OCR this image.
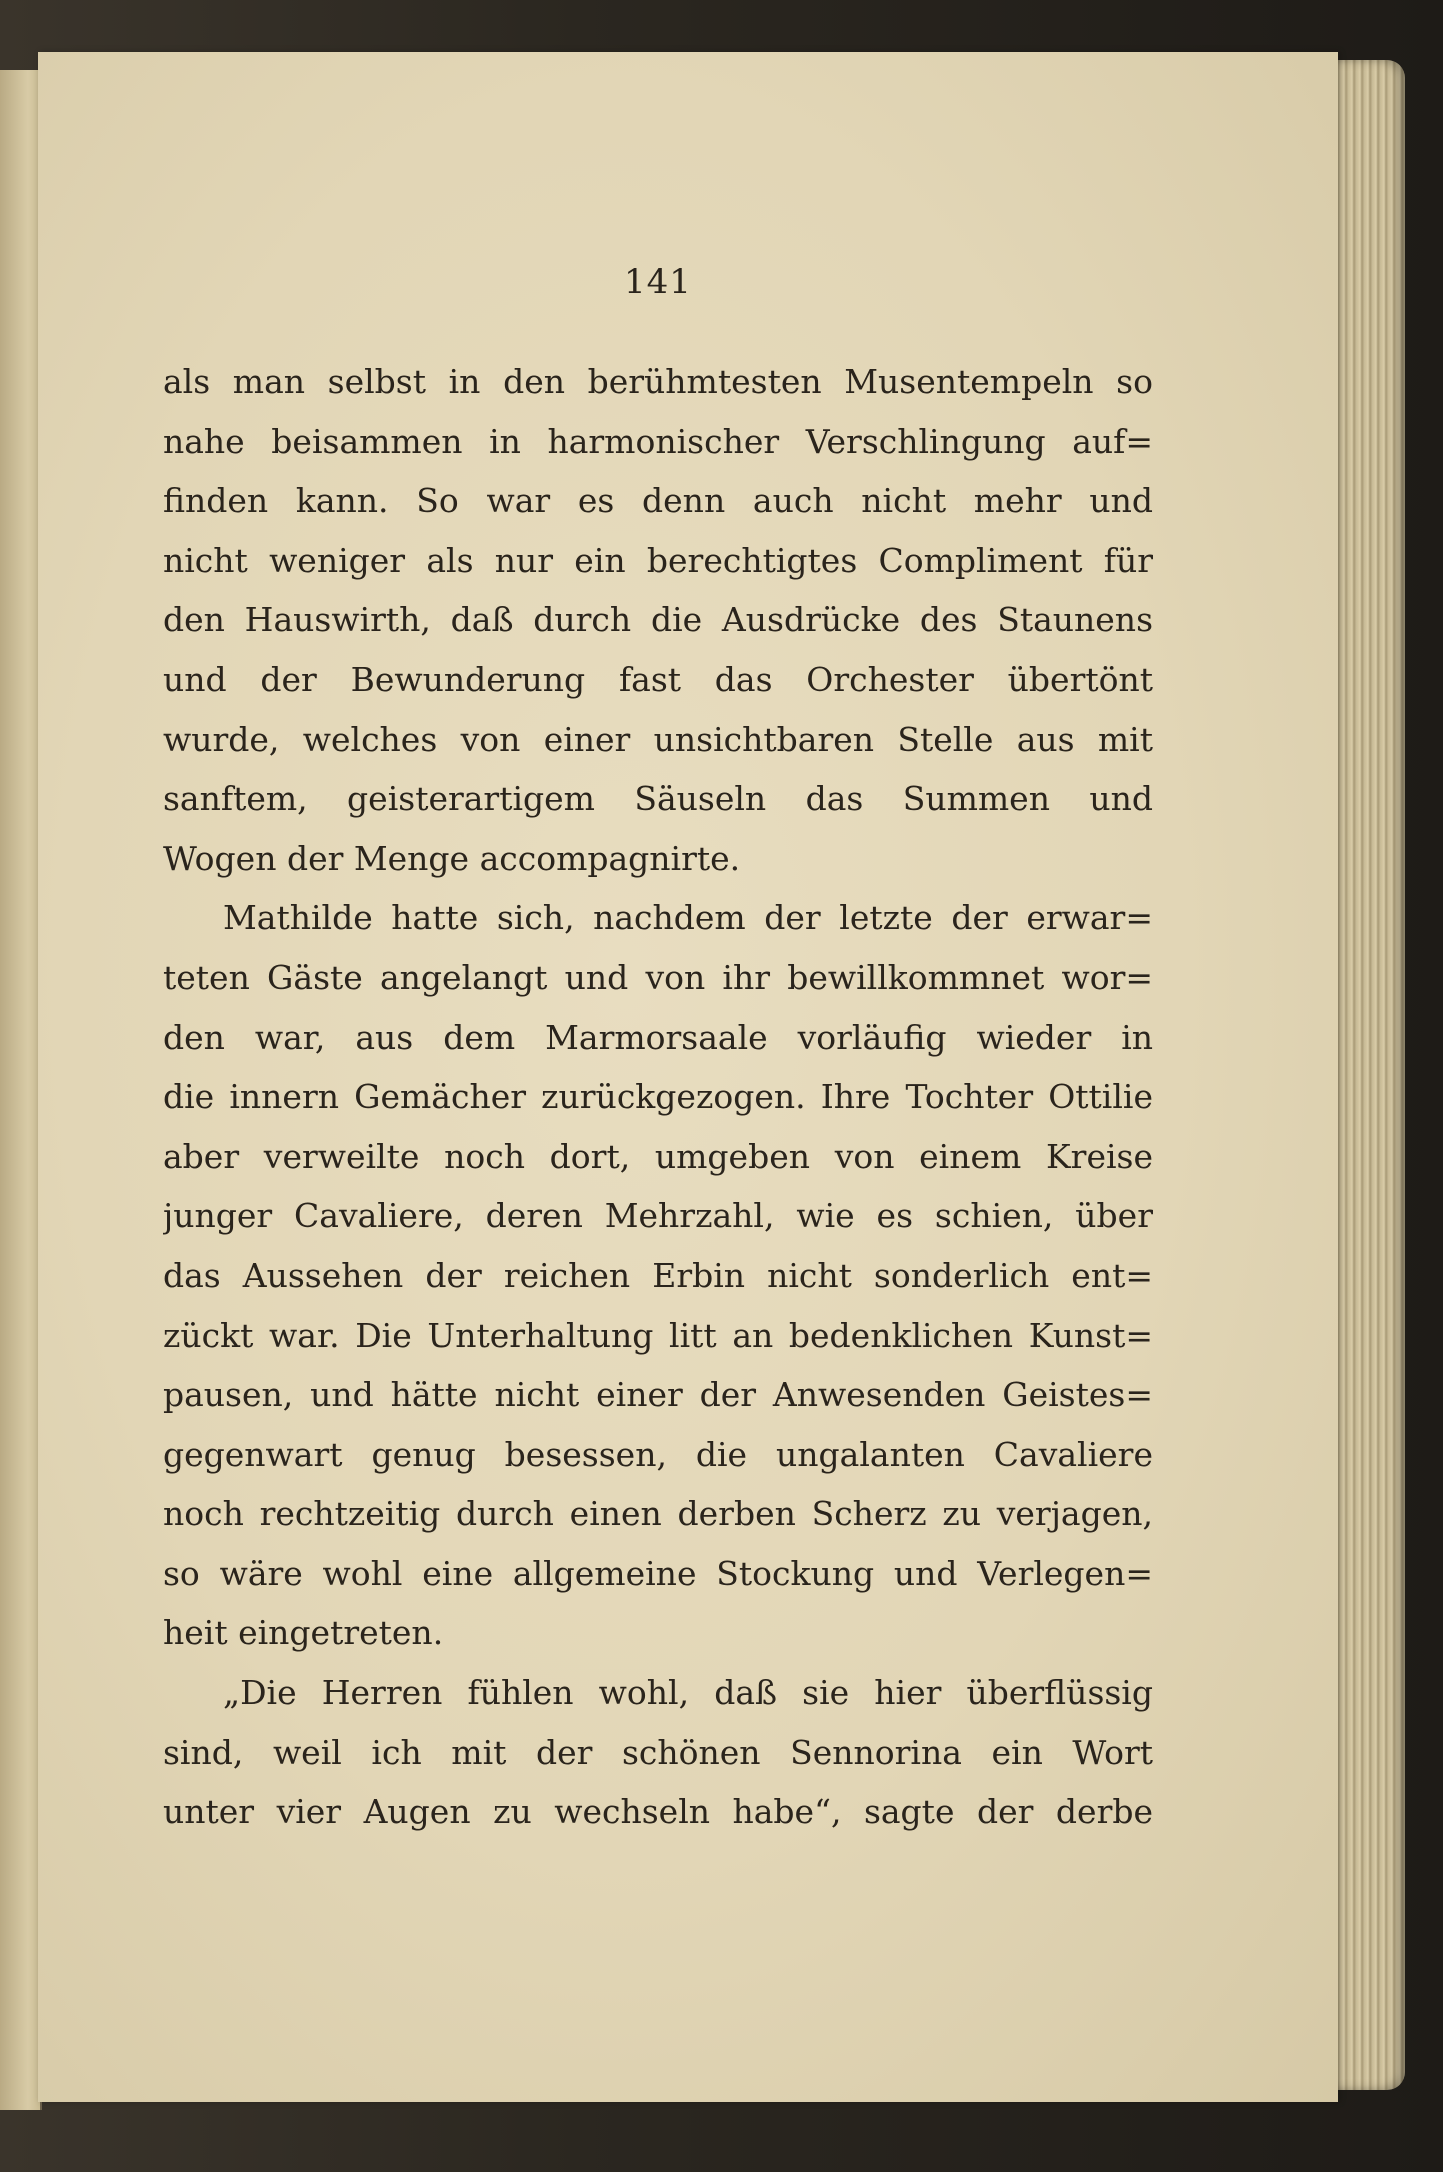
141
als man selbst in den berühmtesten Musentempeln so
nahe beisammen in harmonischer Verschlingung auf=
finden kann. So war es denn auch nicht mehr und
nicht weniger als nur ein berechtigtes Compliment für
den Hauswirth, daß durch die Ausdrücke des Staunens
und der Bewunderung fast das Orchester übertönt
wurde, welches von einer unsichtbaren Stelle aus mit
sanftem, geisterartigem Säuseln das Summen und
Wogen der Menge accompagnirte.
Mathilde hatte sich, nachdem der letzte der erwar=
teten Gäste angelangt und von ihr bewillkommnet wor=
den war, aus dem Marmorsaale vorläufig wieder in
die innern Gemächer zurückgezogen. Ihre Tochter Ottilie
aber verweilte noch dort, umgeben von einem Kreise
junger Cavaliere, deren Mehrzahl, wie es schien, über
das Aussehen der reichen Erbin nicht sonderlich ent=
zückt war. Die Unterhaltung litt an bedenklichen Kunst=
pausen, und hätte nicht einer der Anwesenden Geistes=
gegenwart genug besessen, die ungalanten Cavaliere
noch rechtzeitig durch einen derben Scherz zu verjagen,
so wäre wohl eine allgemeine Stockung und Verlegen=
heit eingetreten.
„Die Herren fühlen wohl, daß sie hier überflüssig
sind, weil ich mit der schönen Sennorina ein Wort
unter vier Augen zu wechseln habe“, sagte der derbe
